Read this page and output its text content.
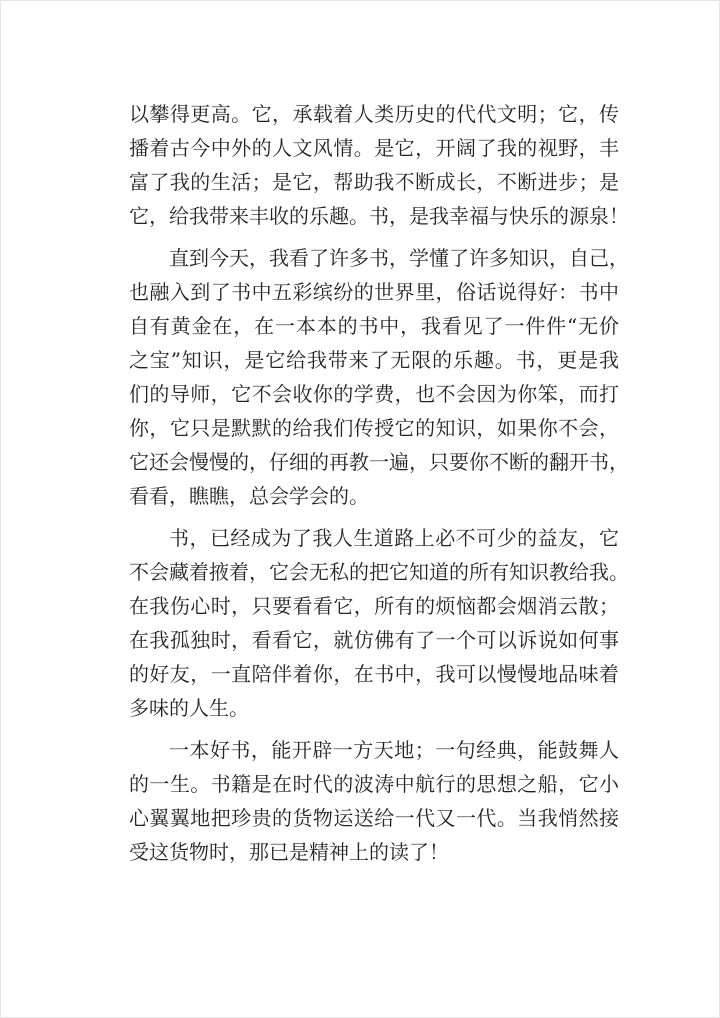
以攀得更高。它，承载着人类历史的代代文明；它，传
播着古今中外的人文风情。是它，开阔了我的视野，丰
富了我的生活；是它，帮助我不断成长，不断进步；是
它，给我带来丰收的乐趣。书，是我幸福与快乐的源泉！
直到今天，我看了许多书，学懂了许多知识，自己，
也融入到了书中五彩缤纷的世界里，俗话说得好：书中
自有黄金在，在一本本的书中，我看见了一件件“无价
之宝”知识，是它给我带来了无限的乐趣。书，更是我
们的导师，它不会收你的学费，也不会因为你笨，而打
你，它只是默默的给我们传授它的知识，如果你不会，
它还会慢慢的，仔细的再教一遍，只要你不断的翻开书，
看看，瞧瞧，总会学会的。
书，已经成为了我人生道路上必不可少的益友，它
不会藏着掖着，它会无私的把它知道的所有知识教给我。
在我伤心时，只要看看它，所有的烦恼都会烟消云散；
在我孤独时，看看它，就仿佛有了一个可以诉说如何事
的好友，一直陪伴着你，在书中，我可以慢慢地品味着
多味的人生。
一本好书，能开辟一方天地；一句经典，能鼓舞人
的一生。书籍是在时代的波涛中航行的思想之船，它小
心翼翼地把珍贵的货物运送给一代又一代。当我悄然接
受这货物时，那已是精神上的读了！
